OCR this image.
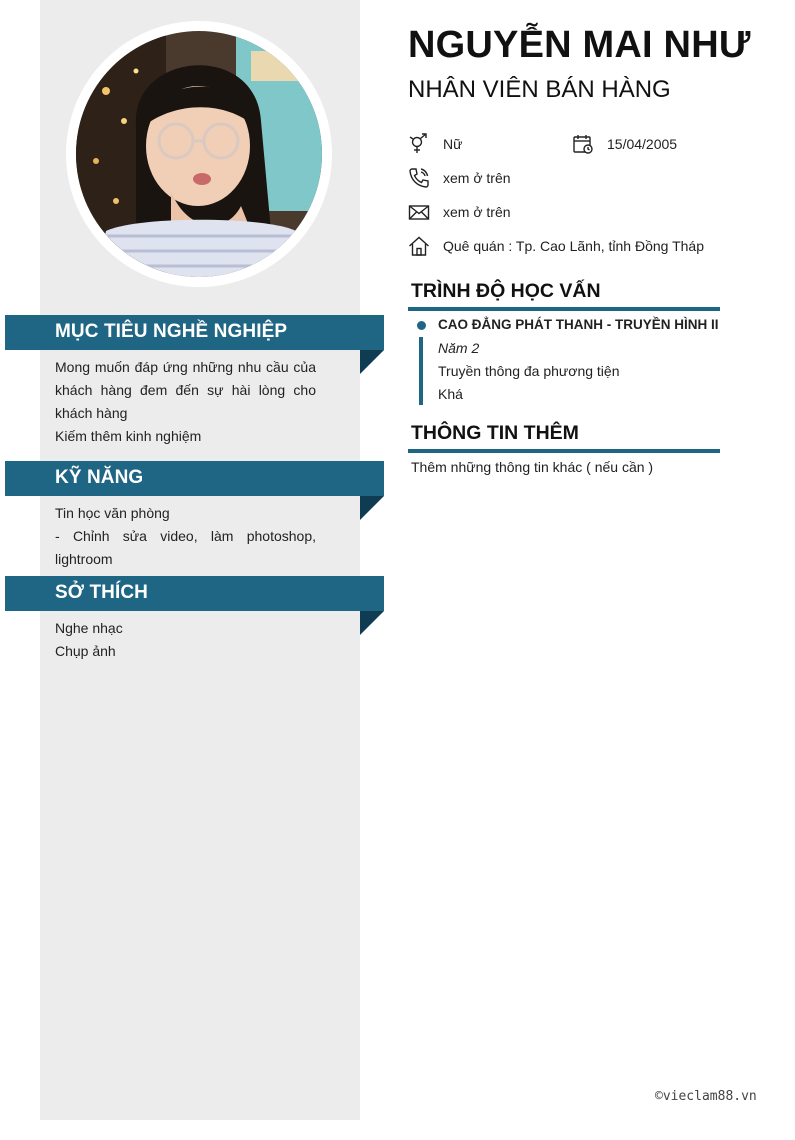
MỤC TIÊU NGHỀ NGHIỆP
Mong muốn đáp ứng những nhu cầu của khách hàng đem đến sự hài lòng cho khách hàng
Kiếm thêm kinh nghiệm
KỸ NĂNG
Tin học văn phòng
- Chỉnh sửa video, làm photoshop, lightroom
SỞ THÍCH
Nghe nhạc
Chụp ảnh
NGUYỄN MAI NHƯ
NHÂN VIÊN BÁN HÀNG
Nữ	15/04/2005
xem ở trên
xem ở trên
Quê quán : Tp. Cao Lãnh, tỉnh Đồng Tháp
TRÌNH ĐỘ HỌC VẤN
CAO ĐẲNG PHÁT THANH - TRUYỀN HÌNH II
Năm 2
Truyền thông đa phương tiện
Khá
THÔNG TIN THÊM
Thêm những thông tin khác ( nếu cần )
©vieclam88.vn
